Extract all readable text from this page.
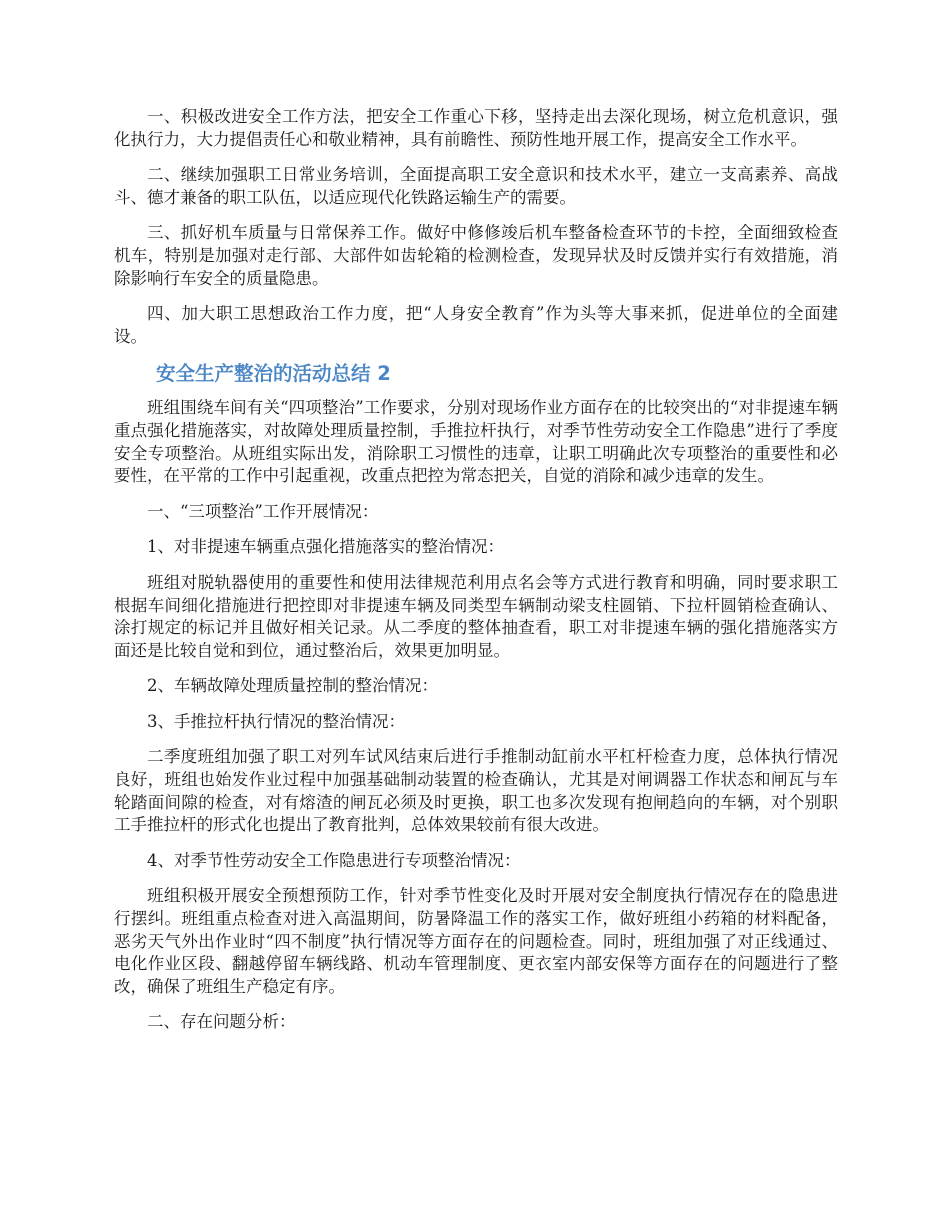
一、积极改进安全工作方法，把安全工作重心下移，坚持走出去深化现场，树立危机意识，强化执行力，大力提倡责任心和敬业精神，具有前瞻性、预防性地开展工作，提高安全工作水平。

二、继续加强职工日常业务培训，全面提高职工安全意识和技术水平，建立一支高素养、高战斗、德才兼备的职工队伍，以适应现代化铁路运输生产的需要。

三、抓好机车质量与日常保养工作。做好中修修竣后机车整备检查环节的卡控，全面细致检查机车，特别是加强对走行部、大部件如齿轮箱的检测检查，发现异状及时反馈并实行有效措施，消除影响行车安全的质量隐患。

四、加大职工思想政治工作力度，把“人身安全教育”作为头等大事来抓，促进单位的全面建设。

安全生产整治的活动总结 2

班组围绕车间有关“四项整治”工作要求，分别对现场作业方面存在的比较突出的“对非提速车辆重点强化措施落实，对故障处理质量控制，手推拉杆执行，对季节性劳动安全工作隐患”进行了季度安全专项整治。从班组实际出发，消除职工习惯性的违章，让职工明确此次专项整治的重要性和必要性，在平常的工作中引起重视，改重点把控为常态把关，自觉的消除和减少违章的发生。

一、“三项整治”工作开展情况：

1、对非提速车辆重点强化措施落实的整治情况：

班组对脱轨器使用的重要性和使用法律规范利用点名会等方式进行教育和明确，同时要求职工根据车间细化措施进行把控即对非提速车辆及同类型车辆制动梁支柱圆销、下拉杆圆销检查确认、涂打规定的标记并且做好相关记录。从二季度的整体抽查看，职工对非提速车辆的强化措施落实方面还是比较自觉和到位，通过整治后，效果更加明显。

2、车辆故障处理质量控制的整治情况：

3、手推拉杆执行情况的整治情况：

二季度班组加强了职工对列车试风结束后进行手推制动缸前水平杠杆检查力度，总体执行情况良好，班组也始发作业过程中加强基础制动装置的检查确认，尤其是对闸调器工作状态和闸瓦与车轮踏面间隙的检查，对有熔渣的闸瓦必须及时更换，职工也多次发现有抱闸趋向的车辆，对个别职工手推拉杆的形式化也提出了教育批判，总体效果较前有很大改进。

4、对季节性劳动安全工作隐患进行专项整治情况：

班组积极开展安全预想预防工作，针对季节性变化及时开展对安全制度执行情况存在的隐患进行摆纠。班组重点检查对进入高温期间，防暑降温工作的落实工作，做好班组小药箱的材料配备，恶劣天气外出作业时“四不制度”执行情况等方面存在的问题检查。同时，班组加强了对正线通过、电化作业区段、翻越停留车辆线路、机动车管理制度、更衣室内部安保等方面存在的问题进行了整改，确保了班组生产稳定有序。

二、存在问题分析：
